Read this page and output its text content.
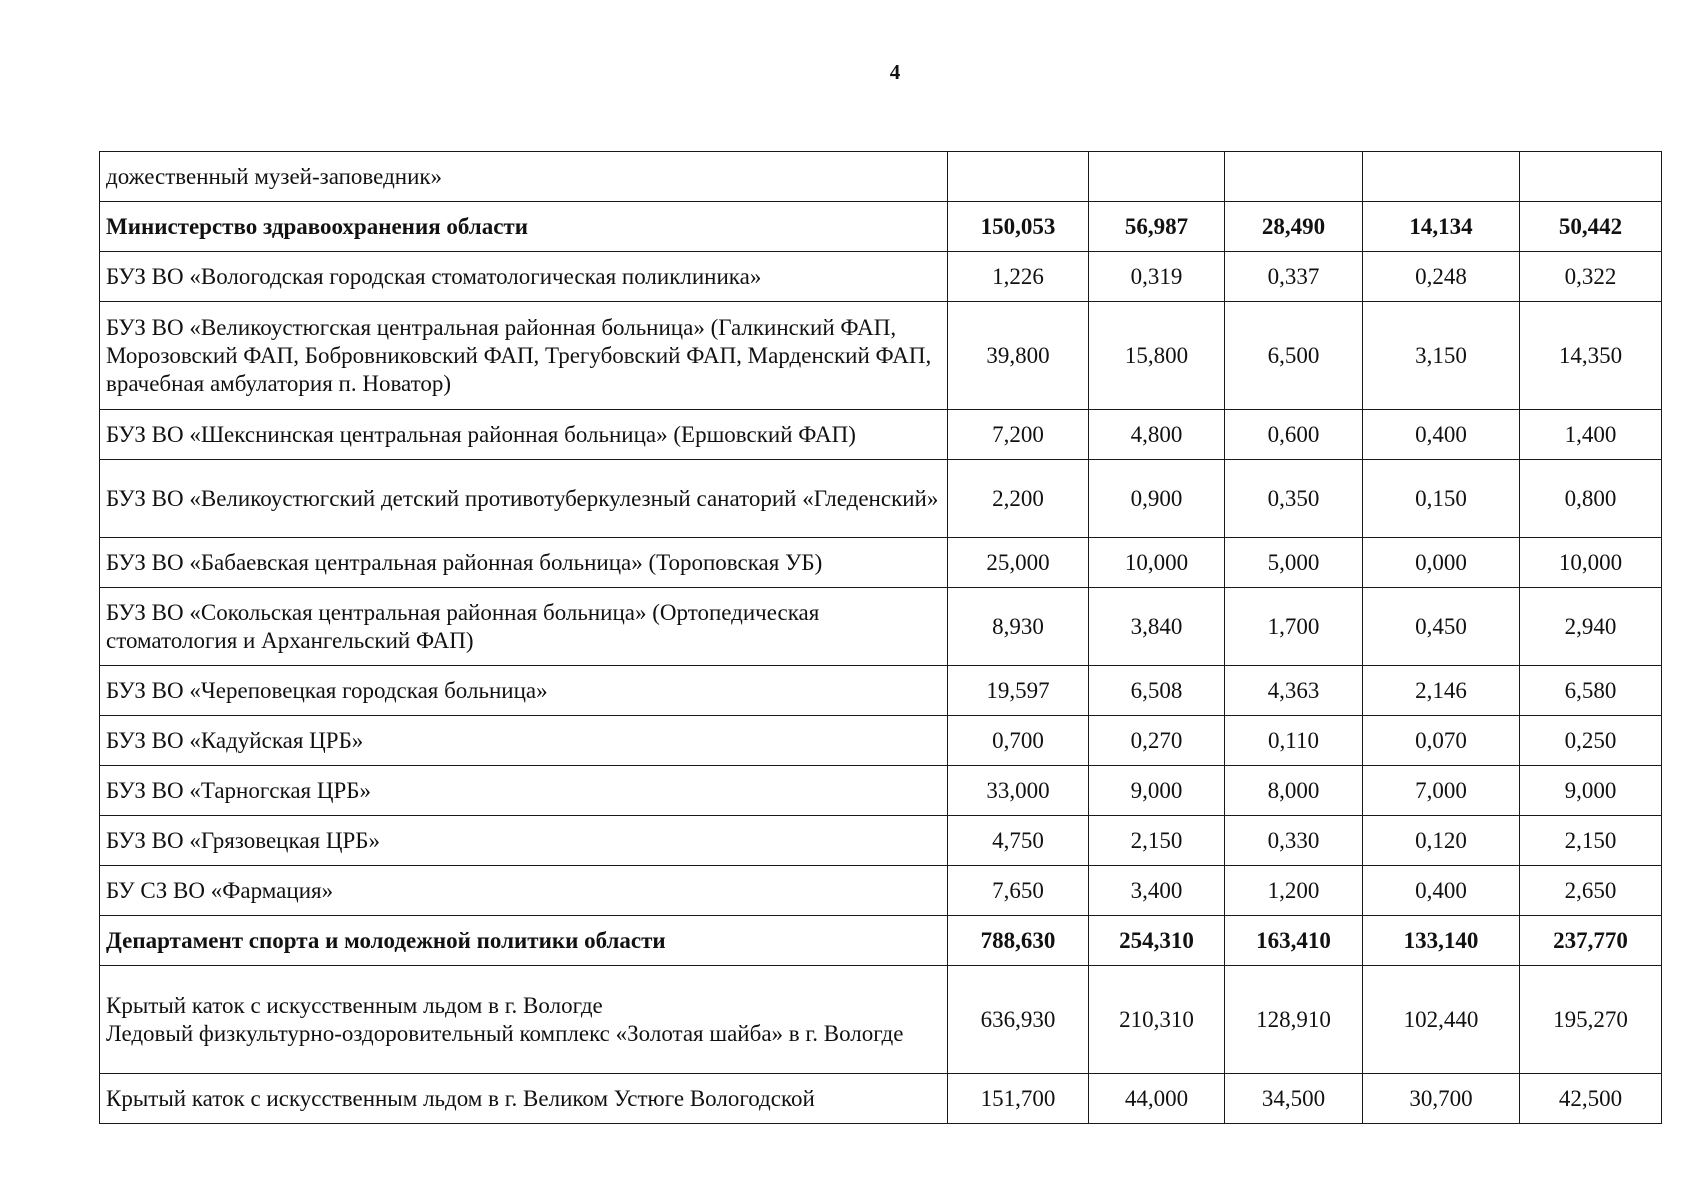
4
дожественный музей-заповедник»					
Министерство здравоохранения области	150,053	56,987	28,490	14,134	50,442
БУЗ ВО «Вологодская городская стоматологическая поликлиника»	1,226	0,319	0,337	0,248	0,322
БУЗ ВО «Великоустюгская центральная районная больница» (Галкинский ФАП, Морозовский ФАП, Бобровниковский ФАП, Трегубовский ФАП, Марденский ФАП, врачебная амбулатория п. Новатор)	39,800	15,800	6,500	3,150	14,350
БУЗ ВО «Шекснинская центральная районная больница» (Ершовский ФАП)	7,200	4,800	0,600	0,400	1,400
БУЗ ВО «Великоустюгский детский противотуберкулезный санаторий «Гледенский»	2,200	0,900	0,350	0,150	0,800
БУЗ ВО «Бабаевская центральная районная больница» (Тороповская УБ)	25,000	10,000	5,000	0,000	10,000
БУЗ ВО «Сокольская центральная районная больница» (Ортопедическая стоматология и Архангельский ФАП)	8,930	3,840	1,700	0,450	2,940
БУЗ ВО «Череповецкая городская больница»	19,597	6,508	4,363	2,146	6,580
БУЗ ВО «Кадуйская ЦРБ»	0,700	0,270	0,110	0,070	0,250
БУЗ ВО «Тарногская ЦРБ»	33,000	9,000	8,000	7,000	9,000
БУЗ ВО «Грязовецкая ЦРБ»	4,750	2,150	0,330	0,120	2,150
БУ СЗ ВО «Фармация»	7,650	3,400	1,200	0,400	2,650
Департамент спорта и молодежной политики области	788,630	254,310	163,410	133,140	237,770
Крытый каток с искусственным льдом в г. Вологде
Ледовый физкультурно-оздоровительный комплекс «Золотая шайба» в г. Вологде	636,930	210,310	128,910	102,440	195,270
Крытый каток с искусственным льдом в г. Великом Устюге Вологодской	151,700	44,000	34,500	30,700	42,500
